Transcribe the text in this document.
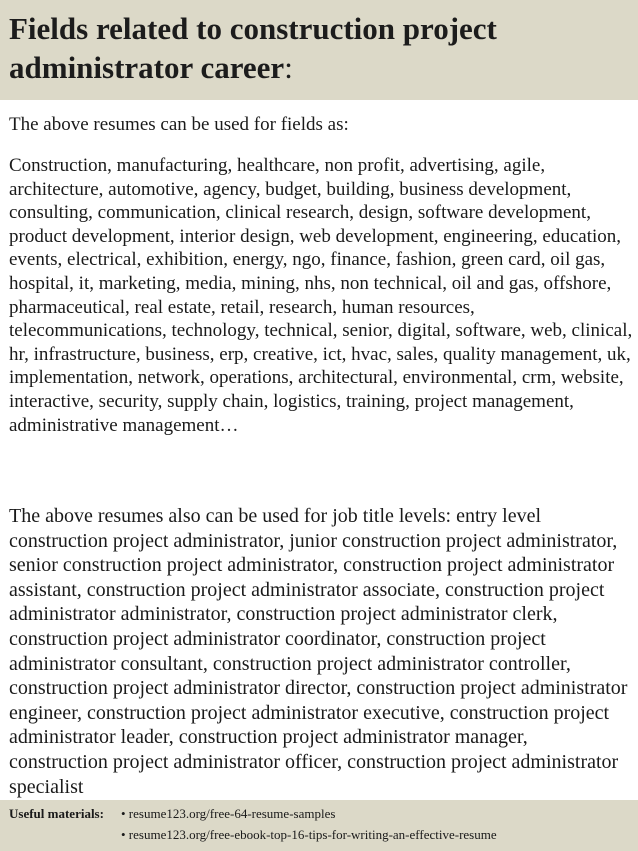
Fields related to construction project administrator career:

The above resumes can be used for fields as:

Construction, manufacturing, healthcare, non profit, advertising, agile, architecture, automotive, agency, budget, building, business development, consulting, communication, clinical research, design, software development, product development, interior design, web development, engineering, education, events, electrical, exhibition, energy, ngo, finance, fashion, green card, oil gas, hospital, it, marketing, media, mining, nhs, non technical, oil and gas, offshore, pharmaceutical, real estate, retail, research, human resources, telecommunications, technology, technical, senior, digital, software, web, clinical, hr, infrastructure, business, erp, creative, ict, hvac, sales, quality management, uk, implementation, network, operations, architectural, environmental, crm, website, interactive, security, supply chain, logistics, training, project management, administrative management…

The above resumes also can be used for job title levels: entry level construction project administrator, junior construction project administrator, senior construction project administrator, construction project administrator assistant, construction project administrator associate, construction project administrator administrator, construction project administrator clerk, construction project administrator coordinator, construction project administrator consultant, construction project administrator controller, construction project administrator director, construction project administrator engineer, construction project administrator executive, construction project administrator leader, construction project administrator manager, construction project administrator officer, construction project administrator specialist

Useful materials: • resume123.org/free-64-resume-samples
• resume123.org/free-ebook-top-16-tips-for-writing-an-effective-resume
